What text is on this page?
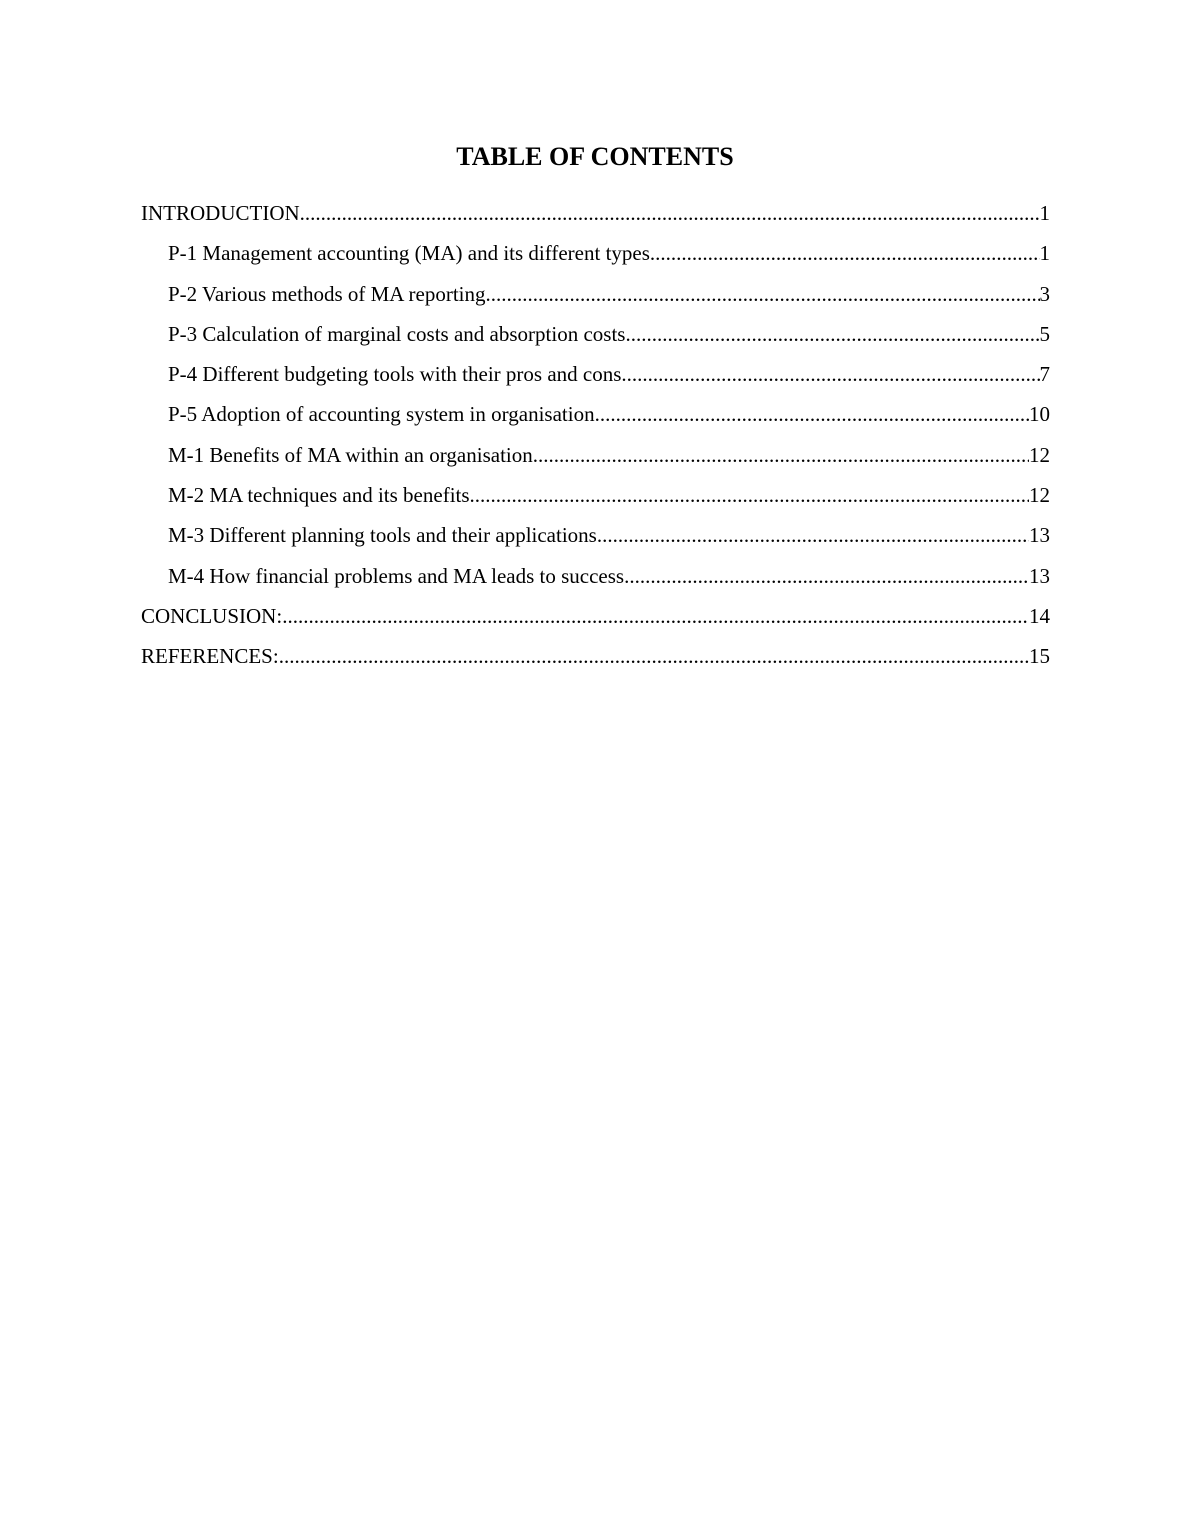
TABLE OF CONTENTS
INTRODUCTION .....	1
P-1 Management accounting (MA) and its different types .....	1
P-2 Various methods of MA reporting .....	3
P-3 Calculation of marginal costs and absorption costs .....	5
P-4 Different budgeting tools with their pros and cons .....	7
P-5 Adoption of accounting system in organisation .....	10
M-1 Benefits of MA within an organisation .....	12
M-2 MA techniques and its benefits .....	12
M-3 Different planning tools and their applications .....	13
M-4 How financial problems and MA leads to success .....	13
CONCLUSION: .....	14
REFERENCES: .....	15
